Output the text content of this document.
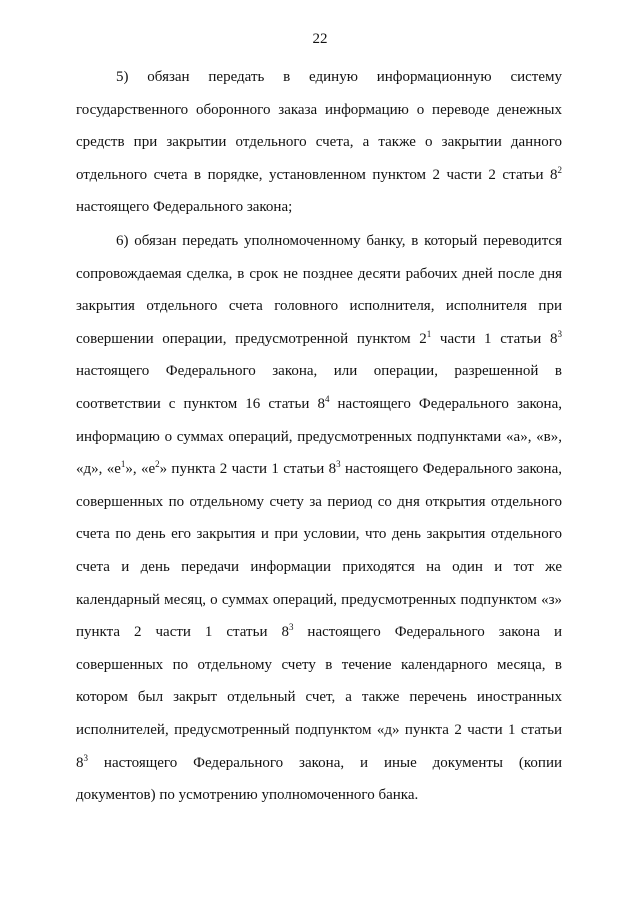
22
5) обязан передать в единую информационную систему
государственного оборонного заказа информацию о переводе денежных
средств при закрытии отдельного счета, а также о закрытии данного
отдельного счета в порядке, установленном пунктом 2 части 2 статьи $8^2$
настоящего Федерального закона;
6) обязан передать уполномоченному банку, в который переводится
сопровождаемая сделка, в срок не позднее десяти рабочих дней после дня
закрытия отдельного счета головного исполнителя, исполнителя при
совершении операции, предусмотренной пунктом $2^1$ части 1 статьи $8^3$
настоящего Федерального закона, или операции, разрешенной в
соответствии с пунктом 16 статьи $8^4$ настоящего Федерального закона,
информацию о суммах операций, предусмотренных подпунктами «а», «в»,
«д», «$е^1$», «$е^2$» пункта 2 части 1 статьи $8^3$ настоящего Федерального закона,
совершенных по отдельному счету за период со дня открытия отдельного
счета по день его закрытия и при условии, что день закрытия отдельного
счета и день передачи информации приходятся на один и тот же
календарный месяц, о суммах операций, предусмотренных подпунктом «з»
пункта 2 части 1 статьи $8^3$ настоящего Федерального закона и
совершенных по отдельному счету в течение календарного месяца, в
котором был закрыт отдельный счет, а также перечень иностранных
исполнителей, предусмотренный подпунктом «д» пункта 2 части 1 статьи
$8^3$ настоящего Федерального закона, и иные документы (копии
документов) по усмотрению уполномоченного банка.
